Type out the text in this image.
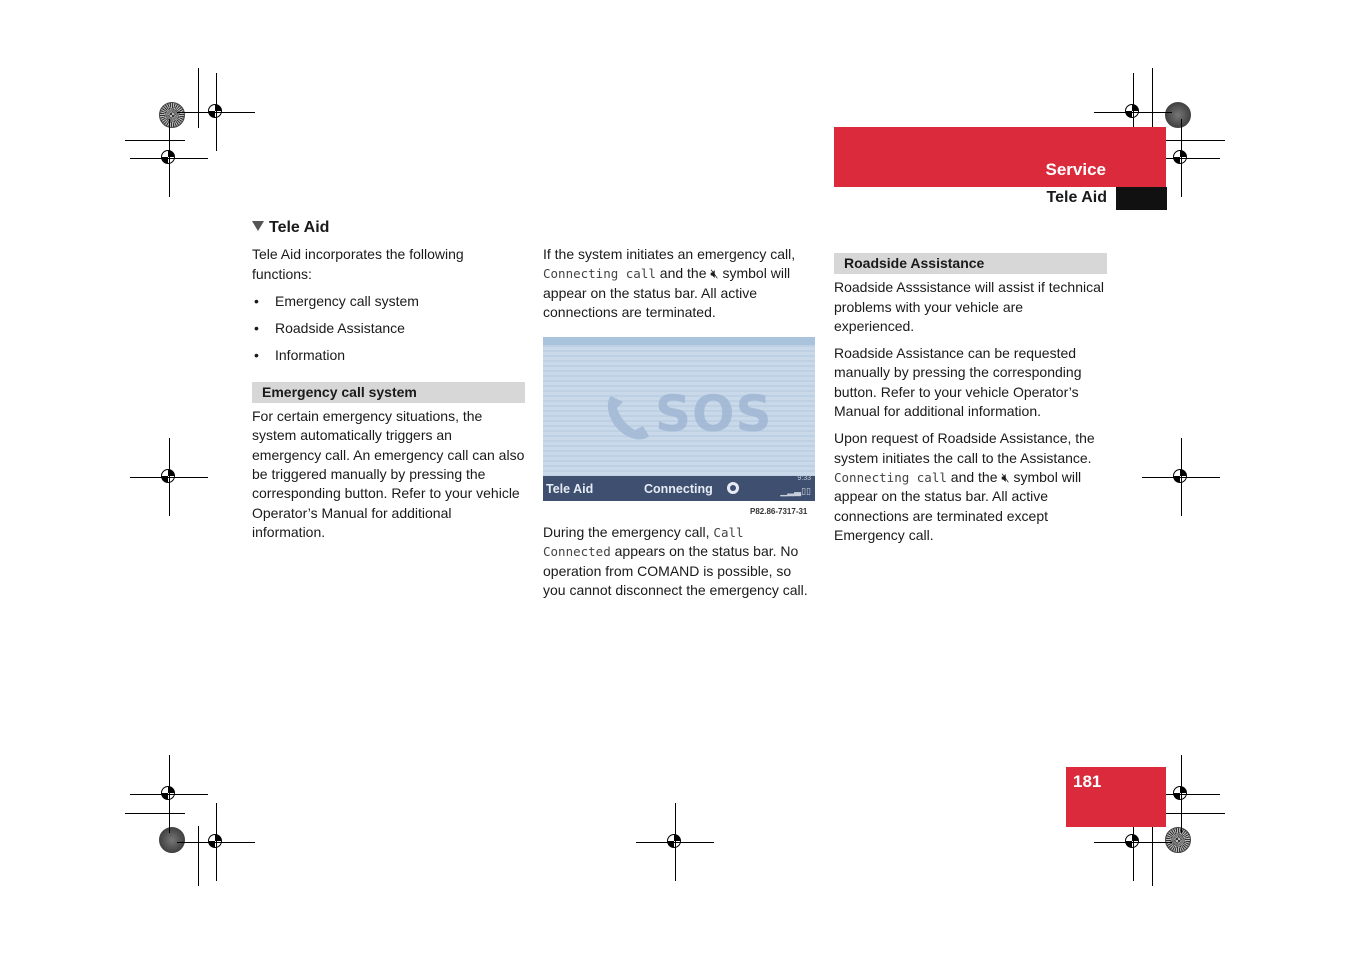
Service
Tele Aid
Tele Aid

Tele Aid incorporates the following functions:

• Emergency call system
• Roadside Assistance
• Information
Emergency call system

For certain emergency situations, the system automatically triggers an emergency call. An emergency call can also be triggered manually by pressing the corresponding button. Refer to your vehicle Operator’s Manual for additional information.

If the system initiates an emergency call, Connecting call and the 🔇︎ symbol will appear on the status bar. All active connections are terminated.

SOS
Tele Aid	Connecting
9:33
▁▂▃▯▯
P82.86-7317-31

During the emergency call, Call Connected appears on the status bar. No operation from COMAND is possible, so you cannot disconnect the emergency call.

Roadside Assistance

Roadside Asssistance will assist if technical problems with your vehicle are experienced.

Roadside Assistance can be requested manually by pressing the corresponding button. Refer to your vehicle Operator’s Manual for additional information.

Upon request of Roadside Assistance, the system initiates the call to the Assistance. Connecting call and the 🔇︎ symbol will appear on the status bar. All active connections are terminated except Emergency call.

181
